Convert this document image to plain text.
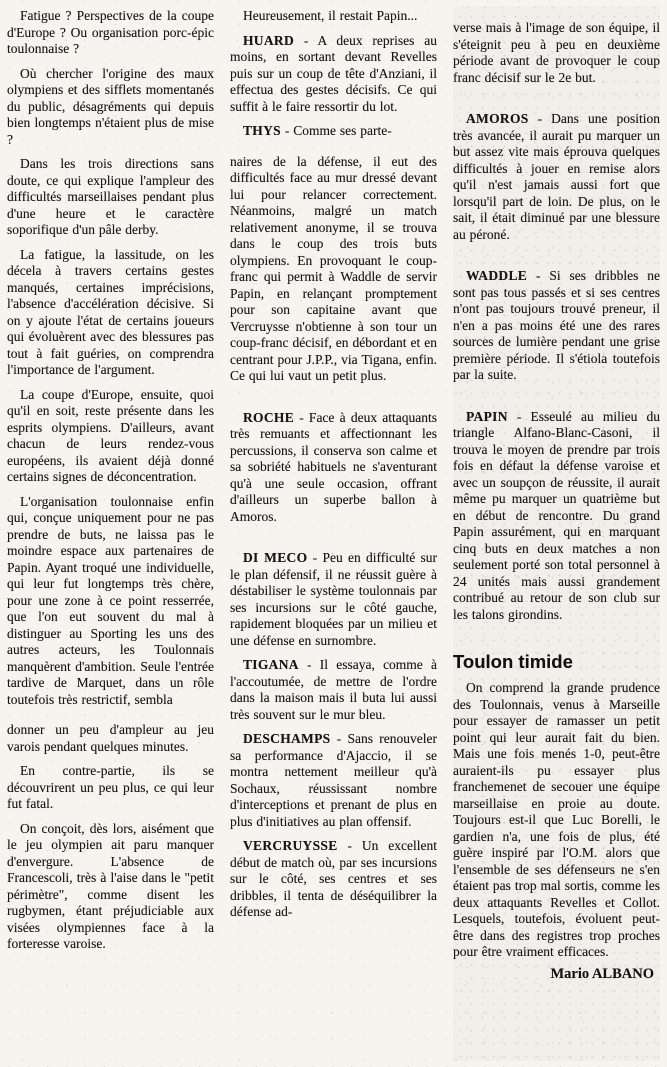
Fatigue ? Perspectives de la coupe d'Europe ? Ou organisation porc-épic toulonnaise ?

Où chercher l'origine des maux olympiens et des sifflets momentanés du public, désagréments qui depuis bien longtemps n'étaient plus de mise ?

Dans les trois directions sans doute, ce qui explique l'ampleur des difficultés marseillaises pendant plus d'une heure et le caractère soporifique d'un pâle derby.

La fatigue, la lassitude, on les décela à travers certains gestes manqués, certaines imprécisions, l'absence d'accélération décisive. Si on y ajoute l'état de certains joueurs qui évoluèrent avec des blessures pas tout à fait guéries, on comprendra l'importance de l'argument.

La coupe d'Europe, ensuite, quoi qu'il en soit, reste présente dans les esprits olympiens. D'ailleurs, avant chacun de leurs rendez-vous européens, ils avaient déjà donné certains signes de déconcentration.

L'organisation toulonnaise enfin qui, conçue uniquement pour ne pas prendre de buts, ne laissa pas le moindre espace aux partenaires de Papin. Ayant troqué une individuelle, qui leur fut longtemps très chère, pour une zone à ce point resserrée, que l'on eut souvent du mal à distinguer au Sporting les uns des autres acteurs, les Toulonnais manquèrent d'ambition. Seule l'entrée tardive de Marquet, dans un rôle toutefois très restrictif, sembla

donner un peu d'ampleur au jeu varois pendant quelques minutes.

En contre-partie, ils se découvrirent un peu plus, ce qui leur fut fatal.

On conçoit, dès lors, aisément que le jeu olympien ait paru manquer d'envergure. L'absence de Francescoli, très à l'aise dans le "petit périmètre", comme disent les rugbymen, étant préjudiciable aux visées olympiennes face à la forteresse varoise.

Heureusement, il restait Papin...

HUARD - A deux reprises au moins, en sortant devant Revelles puis sur un coup de tête d'Anziani, il effectua des gestes décisifs. Ce qui suffit à le faire ressortir du lot.

THYS - Comme ses parte-

naires de la défense, il eut des difficultés face au mur dressé devant lui pour relancer correctement. Néanmoins, malgré un match relativement anonyme, il se trouva dans le coup des trois buts olympiens. En provoquant le coup-franc qui permit à Waddle de servir Papin, en relançant promptement pour son capitaine avant que Vercruysse n'obtienne à son tour un coup-franc décisif, en débordant et en centrant pour J.P.P., via Tigana, enfin. Ce qui lui vaut un petit plus.

ROCHE - Face à deux attaquants très remuants et affectionnant les percussions, il conserva son calme et sa sobriété habituels ne s'aventurant qu'à une seule occasion, offrant d'ailleurs un superbe ballon à Amoros.

DI MECO - Peu en difficulté sur le plan défensif, il ne réussit guère à déstabiliser le système toulonnais par ses incursions sur le côté gauche, rapidement bloquées par un milieu et une défense en surnombre.

TIGANA - Il essaya, comme à l'accoutumée, de mettre de l'ordre dans la maison mais il buta lui aussi très souvent sur le mur bleu.

DESCHAMPS - Sans renouveler sa performance d'Ajaccio, il se montra nettement meilleur qu'à Sochaux, réussissant nombre d'interceptions et prenant de plus en plus d'initiatives au plan offensif.

VERCRUYSSE - Un excellent début de match où, par ses incursions sur le côté, ses centres et ses dribbles, il tenta de déséquilibrer la défense ad-

verse mais à l'image de son équipe, il s'éteignit peu à peu en deuxième période avant de provoquer le coup franc décisif sur le 2e but.

AMOROS - Dans une position très avancée, il aurait pu marquer un but assez vite mais éprouva quelques difficultés à jouer en remise alors qu'il n'est jamais aussi fort que lorsqu'il part de loin. De plus, on le sait, il était diminué par une blessure au péroné.

WADDLE - Si ses dribbles ne sont pas tous passés et si ses centres n'ont pas toujours trouvé preneur, il n'en a pas moins été une des rares sources de lumière pendant une grise première période. Il s'étiola toutefois par la suite.

PAPIN - Esseulé au milieu du triangle Alfano-Blanc-Casoni, il trouva le moyen de prendre par trois fois en défaut la défense varoise et avec un soupçon de réussite, il aurait même pu marquer un quatrième but en début de rencontre. Du grand Papin assurément, qui en marquant cinq buts en deux matches a non seulement porté son total personnel à 24 unités mais aussi grandement contribué au retour de son club sur les talons girondins.

Toulon timide

On comprend la grande prudence des Toulonnais, venus à Marseille pour essayer de ramasser un petit point qui leur aurait fait du bien. Mais une fois menés 1-0, peut-être auraient-ils pu essayer plus franchemenet de secouer une équipe marseillaise en proie au doute. Toujours est-il que Luc Borelli, le gardien n'a, une fois de plus, été guère inspiré par l'O.M. alors que l'ensemble de ses défenseurs ne s'en étaient pas trop mal sortis, comme les deux attaquants Revelles et Collot. Lesquels, toutefois, évoluent peut-être dans des registres trop proches pour être vraiment efficaces.

Mario ALBANO
